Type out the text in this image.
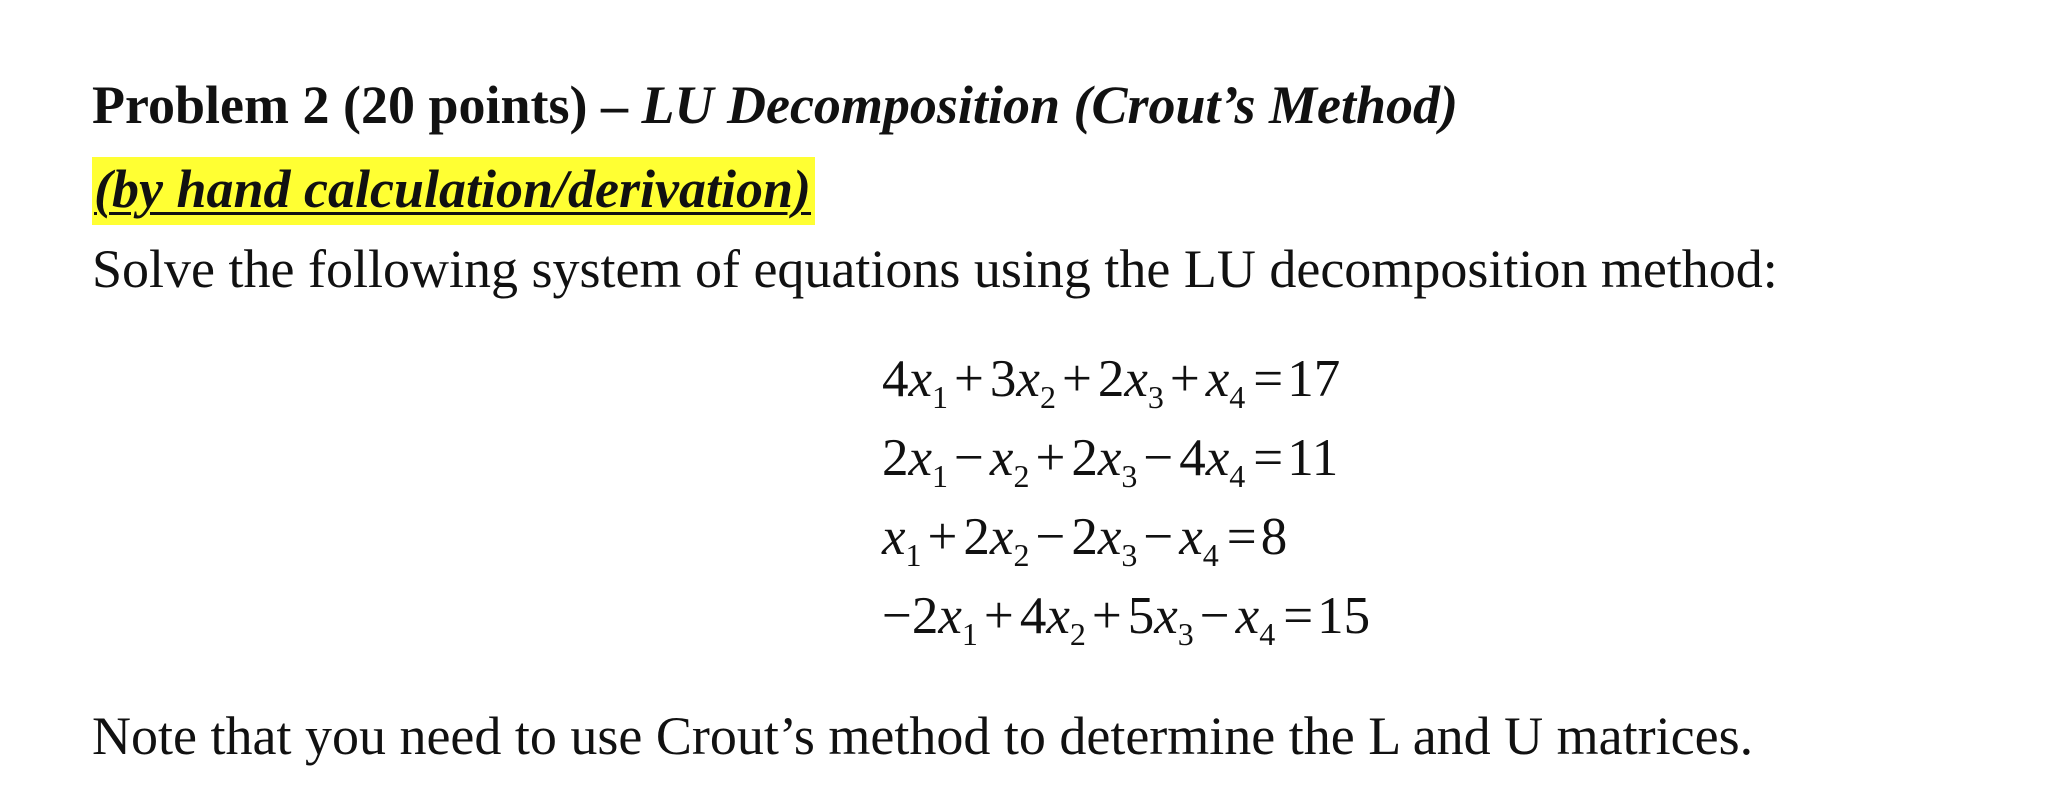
Problem 2 (20 points) – LU Decomposition (Crout’s Method)
(by hand calculation/derivation)
Solve the following system of equations using the LU decomposition method:
$4x_1 + 3x_2 + 2x_3 + x_4 =17$
$2x_1 - x_2 + 2x_3 - 4x_4 =11$
$x_1 + 2x_2 - 2x_3 - x_4 =8$
$-2x_1 + 4x_2 + 5x_3 - x_4 =15$
Note that you need to use Crout’s method to determine the L and U matrices.
